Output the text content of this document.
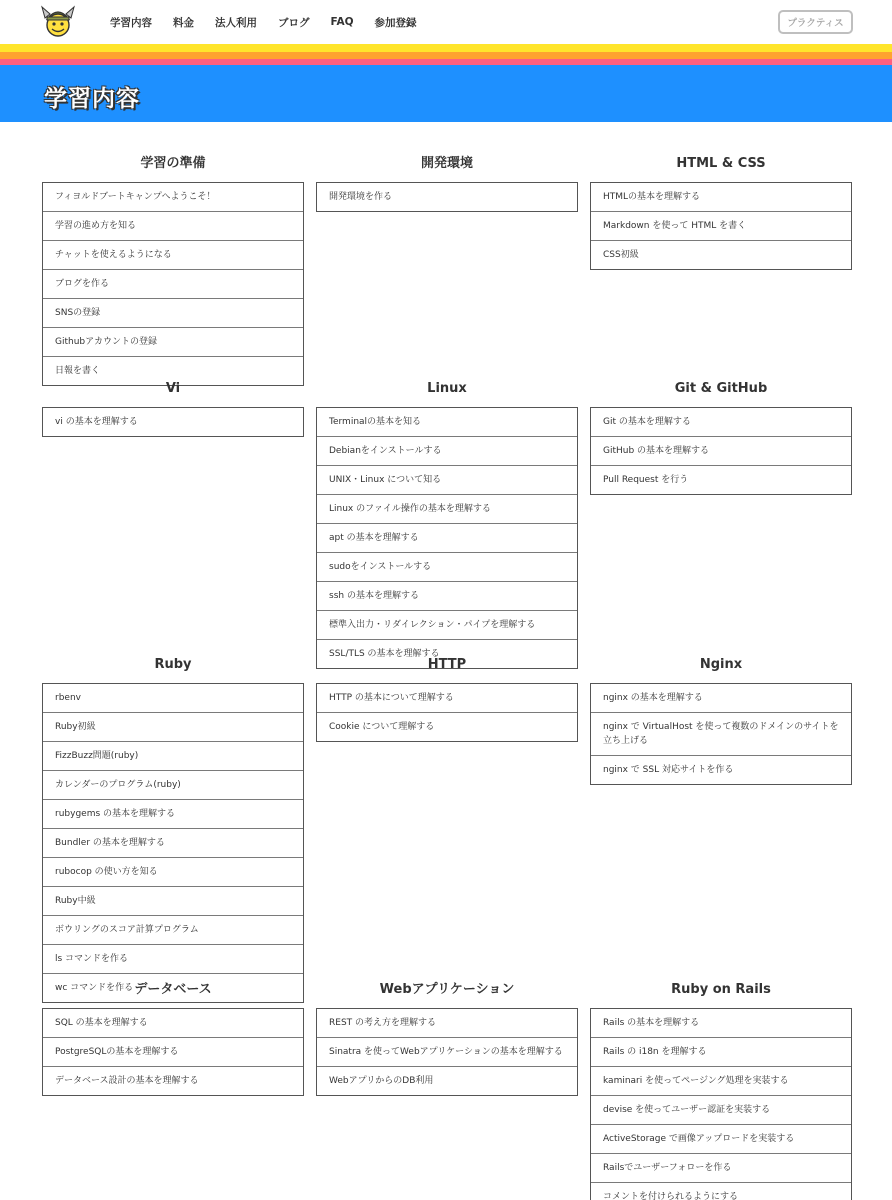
学習内容 料金 法人利用 ブログ FAQ 参加登録	プラクティス
学習内容
学習の準備
フィヨルドブートキャンプへようこそ！
学習の進め方を知る
チャットを使えるようになる
ブログを作る
SNSの登録
Githubアカウントの登録
日報を書く
開発環境
開発環境を作る
HTML & CSS
HTMLの基本を理解する
Markdown を使って HTML を書く
CSS初級
Vi
vi の基本を理解する
Linux
Terminalの基本を知る
Debianをインストールする
UNIX・Linux について知る
Linux のファイル操作の基本を理解する
apt の基本を理解する
sudoをインストールする
ssh の基本を理解する
標準入出力・リダイレクション・パイプを理解する
SSL/TLS の基本を理解する
Git & GitHub
Git の基本を理解する
GitHub の基本を理解する
Pull Request を行う
Ruby
rbenv
Ruby初級
FizzBuzz問題(ruby)
カレンダーのプログラム(ruby)
rubygems の基本を理解する
Bundler の基本を理解する
rubocop の使い方を知る
Ruby中級
ボウリングのスコア計算プログラム
ls コマンドを作る
wc コマンドを作る
HTTP
HTTP の基本について理解する
Cookie について理解する
Nginx
nginx の基本を理解する
nginx で VirtualHost を使って複数のドメインのサイトを立ち上げる
nginx で SSL 対応サイトを作る
データベース
SQL の基本を理解する
PostgreSQLの基本を理解する
データベース設計の基本を理解する
Webアプリケーション
REST の考え方を理解する
Sinatra を使ってWebアプリケーションの基本を理解する
WebアプリからのDB利用
Ruby on Rails
Rails の基本を理解する
Rails の i18n を理解する
kaminari を使ってページング処理を実装する
devise を使ってユーザー認証を実装する
ActiveStorage で画像アップロードを実装する
Railsでユーザーフォローを作る
コメントを付けられるようにする
